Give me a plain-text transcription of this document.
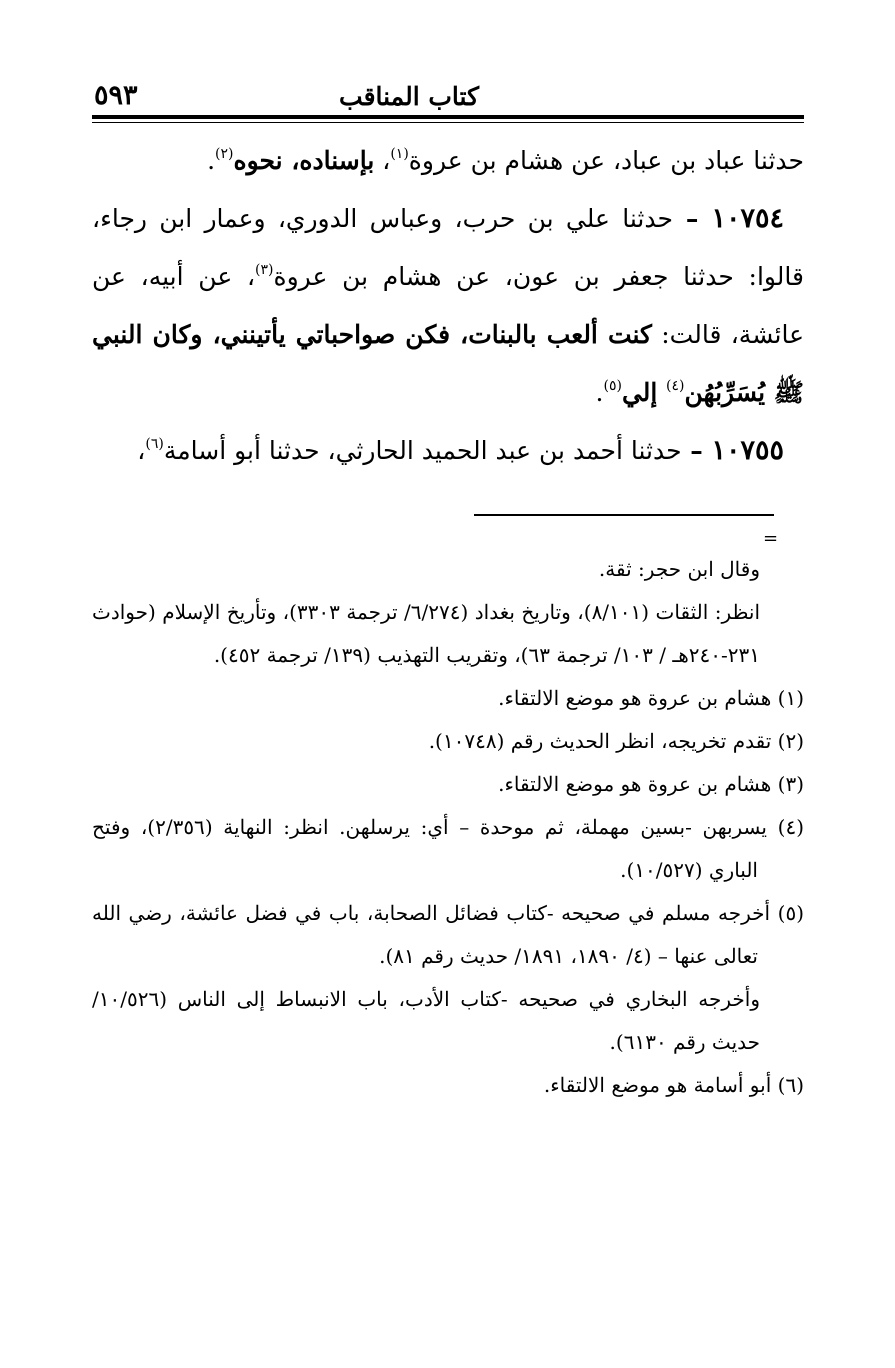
كتاب المناقب
٥٩٣

حدثنا عباد بن عباد، عن هشام بن عروة$^{(١)}$، بإسناده، نحوه$^{(٢)}$.

١٠٧٥٤ – حدثنا علي بن حرب، وعباس الدوري، وعمار ابن رجاء، قالوا: حدثنا جعفر بن عون، عن هشام بن عروة$^{(٣)}$، عن أبيه، عن عائشة، قالت: كنت ألعب بالبنات، فكن صواحباتي يأتينني، وكان النبي ﷺ يُسَرِّبُهُن$^{(٤)}$ إلي$^{(٥)}$.

١٠٧٥٥ – حدثنا أحمد بن عبد الحميد الحارثي، حدثنا أبو أسامة$^{(٦)}$،

=

وقال ابن حجر: ثقة.

انظر: الثقات (٨/١٠١)، وتاريخ بغداد (٦/٢٧٤/ ترجمة ٣٣٠٣)، وتأريخ الإسلام (حوادث ٢٣١-٢٤٠هـ / ١٠٣/ ترجمة ٦٣)، وتقريب التهذيب (١٣٩/ ترجمة ٤٥٢).

(١) هشام بن عروة هو موضع الالتقاء.

(٢) تقدم تخريجه، انظر الحديث رقم (١٠٧٤٨).

(٣) هشام بن عروة هو موضع الالتقاء.

(٤) يسربهن -بسين مهملة، ثم موحدة – أي: يرسلهن. انظر: النهاية (٢/٣٥٦)، وفتح الباري (١٠/٥٢٧).

(٥) أخرجه مسلم في صحيحه -كتاب فضائل الصحابة، باب في فضل عائشة، رضي الله تعالى عنها – (٤/ ١٨٩٠، ١٨٩١/ حديث رقم ٨١).

وأخرجه البخاري في صحيحه -كتاب الأدب، باب الانبساط إلى الناس (١٠/٥٢٦/ حديث رقم ٦١٣٠).

(٦) أبو أسامة هو موضع الالتقاء.
